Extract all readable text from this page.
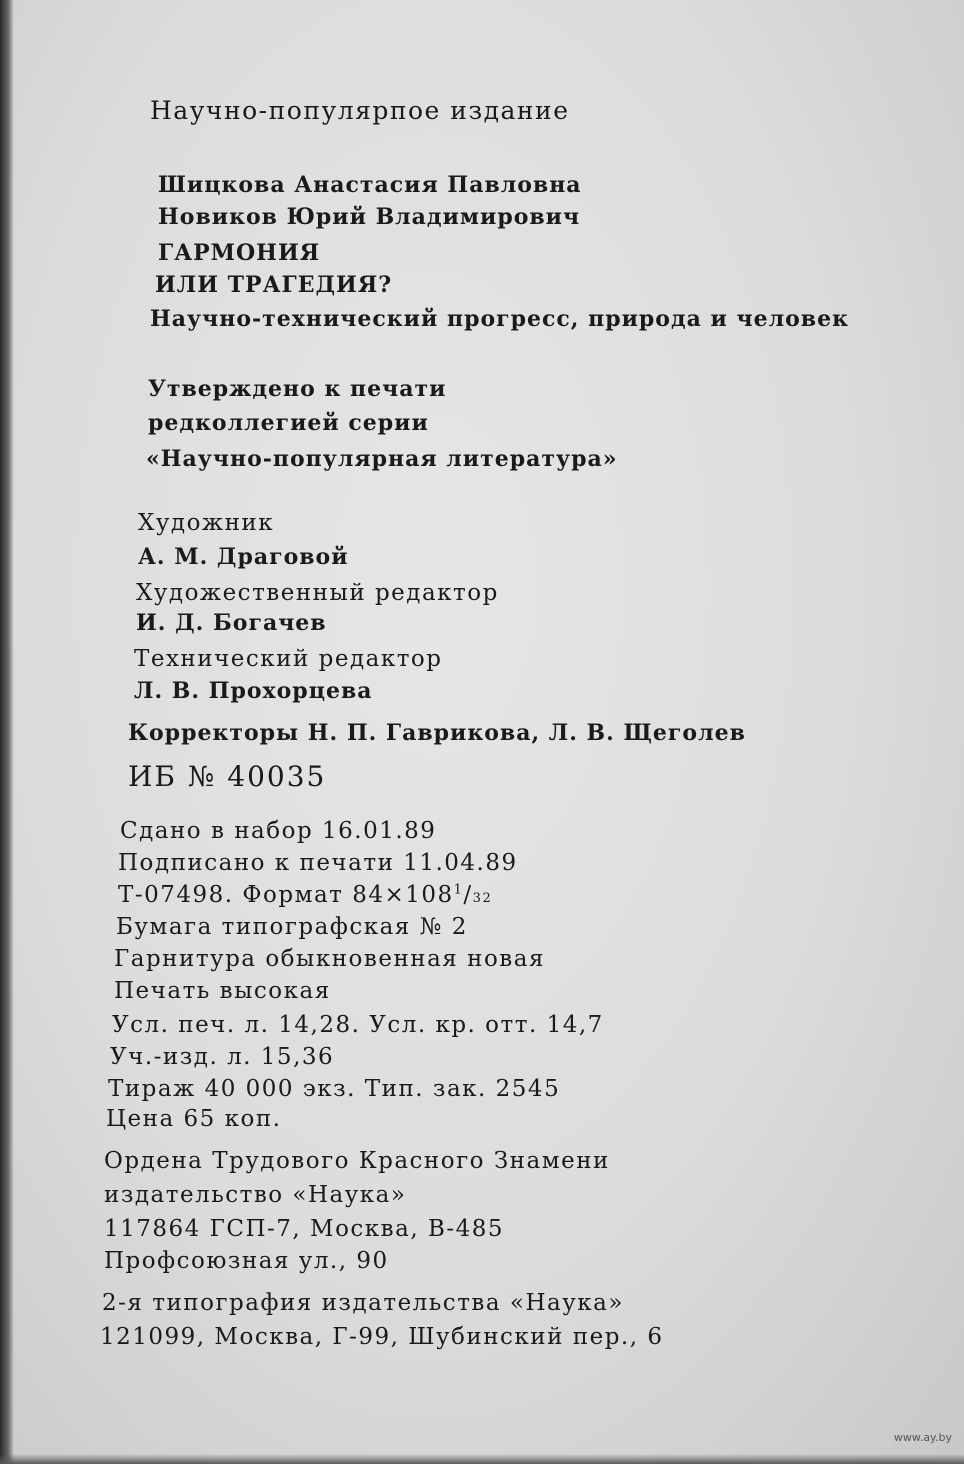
Научно-популярпое издание
Шицкова Анастасия Павловна
Новиков Юрий Владимирович
ГАРМОНИЯ
ИЛИ ТРАГЕДИЯ?
Научно-технический прогресс, природа и человек
Утверждено к печати
редколлегией серии
«Научно-популярная литература»
Художник
А. М. Драговой
Художественный редактор
И. Д. Богачев
Технический редактор
Л. В. Прохорцева
Корректоры Н. П. Гаврикова, Л. В. Щеголев
ИБ № 40035
Сдано в набор 16.01.89
Подписано к печати 11.04.89
Т-07498. Формат $84\times 108^1/32$
Бумага типографская № 2
Гарнитура обыкновенная новая
Печать высокая
Усл. печ. л. 14,28. Усл. кр. отт. 14,7
Уч.-изд. л. 15,36
Тираж 40 000 экз. Тип. зак. 2545
Цена 65 коп.
Ордена Трудового Красного Знамени
издательство «Наука»
117864 ГСП-7, Москва, В-485
Профсоюзная ул., 90
2-я типография издательства «Наука»
121099, Москва, Г-99, Шубинский пер., 6
www.ay.by
